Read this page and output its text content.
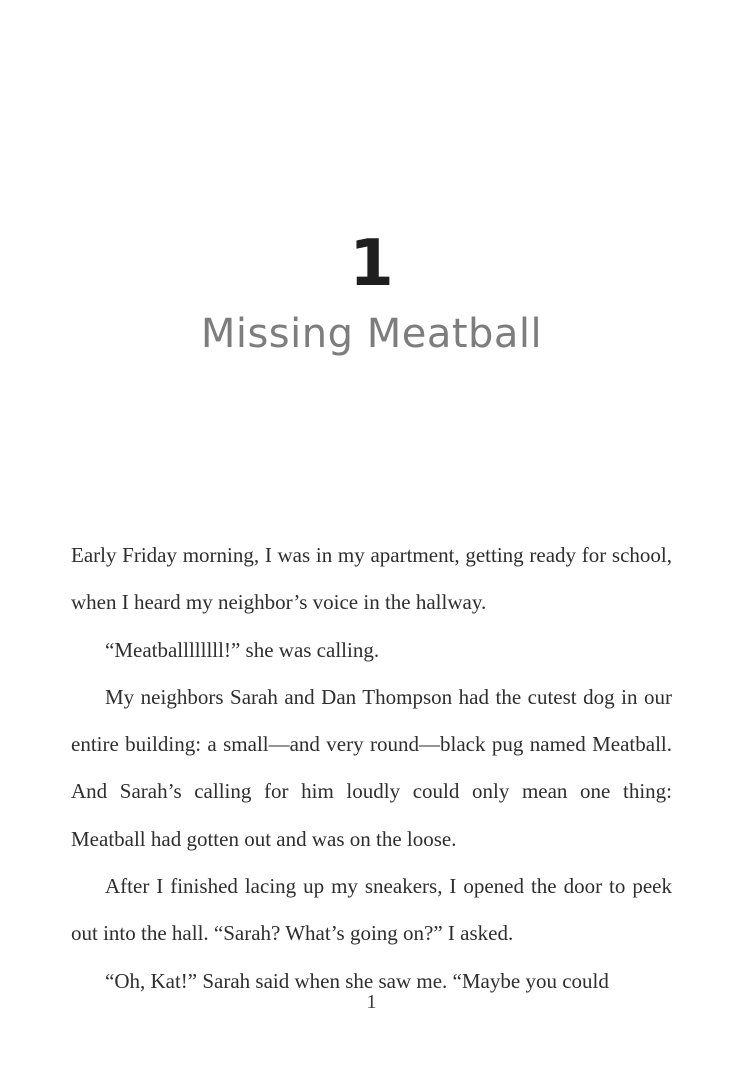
1
Missing Meatball

Early Friday morning, I was in my apartment, getting ready for school, when I heard my neighbor’s voice in the hallway.

“Meatballllllll!” she was calling.

My neighbors Sarah and Dan Thompson had the cutest dog in our entire building: a small—and very round—black pug named Meatball. And Sarah’s calling for him loudly could only mean one thing: Meatball had gotten out and was on the loose.

After I finished lacing up my sneakers, I opened the door to peek out into the hall. “Sarah? What’s going on?” I asked.

“Oh, Kat!” Sarah said when she saw me. “Maybe you could

1
